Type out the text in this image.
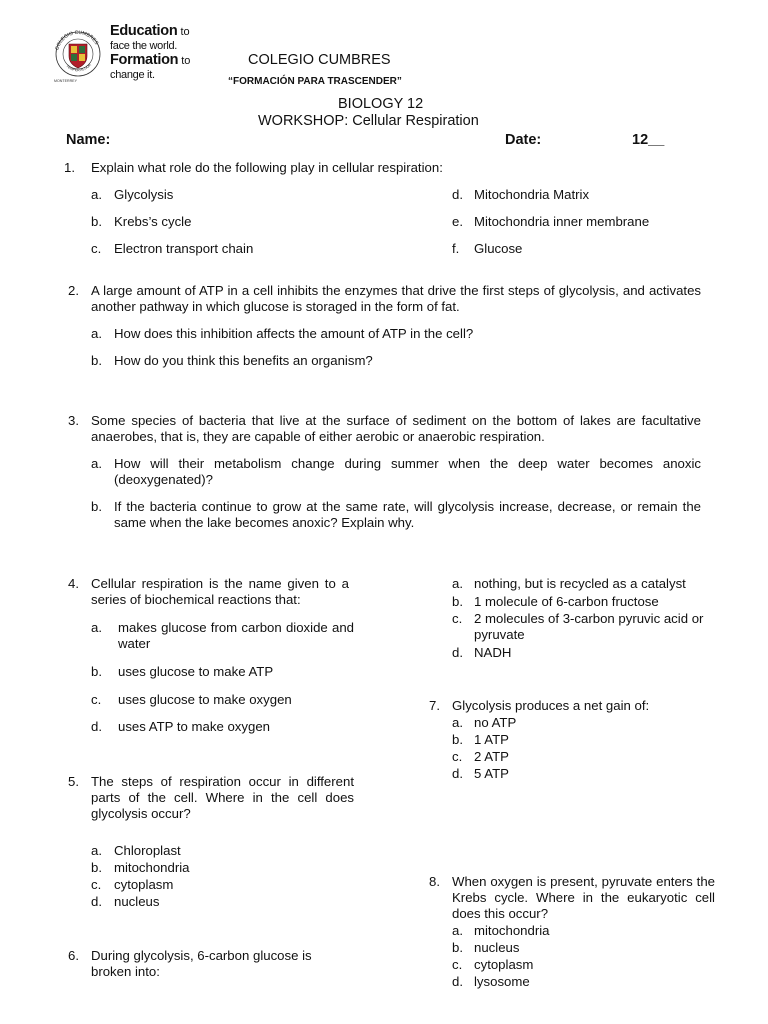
COLEGIO CUMBRES
TEMPER ALTIOR
MONTERREY
Education to
face the world.
Formation to
change it.
COLEGIO CUMBRES
“FORMACIÓN PARA TRASCENDER”
BIOLOGY 12
WORKSHOP: Cellular Respiration
Name:	Date:	12__
1. Explain what role do the following play in cellular respiration:
a. Glycolysis
b. Krebs’s cycle
c. Electron transport chain
d. Mitochondria Matrix
e. Mitochondria inner membrane
f. Glucose
2. A large amount of ATP in a cell inhibits the enzymes that drive the first steps of glycolysis, and activates another pathway in which glucose is storaged in the form of fat.
a. How does this inhibition affects the amount of ATP in the cell?
b. How do you think this benefits an organism?
3. Some species of bacteria that live at the surface of sediment on the bottom of lakes are facultative anaerobes, that is, they are capable of either aerobic or anaerobic respiration.
a. How will their metabolism change during summer when the deep water becomes anoxic (deoxygenated)?
b. If the bacteria continue to grow at the same rate, will glycolysis increase, decrease, or remain the same when the lake becomes anoxic? Explain why.
4. Cellular respiration is the name given to a series of biochemical reactions that:
a. makes glucose from carbon dioxide and water
b. uses glucose to make ATP
c. uses glucose to make oxygen
d. uses ATP to make oxygen
5. The steps of respiration occur in different parts of the cell. Where in the cell does glycolysis occur?
a. Chloroplast
b. mitochondria
c. cytoplasm
d. nucleus
6. During glycolysis, 6-carbon glucose is broken into:
a. nothing, but is recycled as a catalyst
b. 1 molecule of 6-carbon fructose
c. 2 molecules of 3-carbon pyruvic acid or pyruvate
d. NADH
7. Glycolysis produces a net gain of:
a. no ATP
b. 1 ATP
c. 2 ATP
d. 5 ATP
8. When oxygen is present, pyruvate enters the Krebs cycle. Where in the eukaryotic cell does this occur?
a. mitochondria
b. nucleus
c. cytoplasm
d. lysosome
